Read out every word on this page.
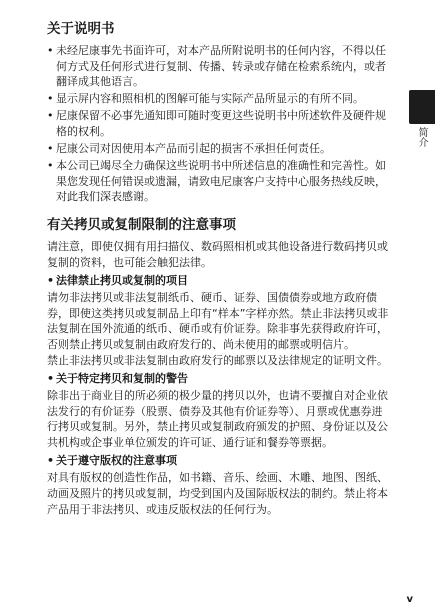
关于说明书
• 未经尼康事先书面许可，对本产品所附说明书的任何内容，不得以任何方式及任何形式进行复制、传播、转录或存储在检索系统内，或者翻译成其他语言。
• 显示屏内容和照相机的图解可能与实际产品所显示的有所不同。
• 尼康保留不必事先通知即可随时变更这些说明书中所述软件及硬件规格的权利。
• 尼康公司对因使用本产品而引起的损害不承担任何责任。
• 本公司已竭尽全力确保这些说明书中所述信息的准确性和完善性。如果您发现任何错误或遗漏，请致电尼康客户支持中心服务热线反映，对此我们深表感谢。
有关拷贝或复制限制的注意事项

请注意，即使仅拥有用扫描仪、数码照相机或其他设备进行数码拷贝或复制的资料，也可能会触犯法律。

• 法律禁止拷贝或复制的项目

请勿非法拷贝或非法复制纸币、硬币、证券、国债债券或地方政府债券，即使这类拷贝或复制品上印有“样本”字样亦然。禁止非法拷贝或非法复制在国外流通的纸币、硬币或有价证券。除非事先获得政府许可，否则禁止拷贝或复制由政府发行的、尚未使用的邮票或明信片。

禁止非法拷贝或非法复制由政府发行的邮票以及法律规定的证明文件。

• 关于特定拷贝和复制的警告

除非出于商业目的所必须的极少量的拷贝以外，也请不要擅自对企业依法发行的有价证券（股票、债券及其他有价证券等）、月票或优惠券进行拷贝或复制。另外，禁止拷贝或复制政府颁发的护照、身份证以及公共机构或企事业单位颁发的许可证、通行证和餐券等票据。

• 关于遵守版权的注意事项

对具有版权的创造性作品，如书籍、音乐、绘画、木雕、地图、图纸、动画及照片的拷贝或复制，均受到国内及国际版权法的制约。禁止将本产品用于非法拷贝、或违反版权法的任何行为。

简介
v
